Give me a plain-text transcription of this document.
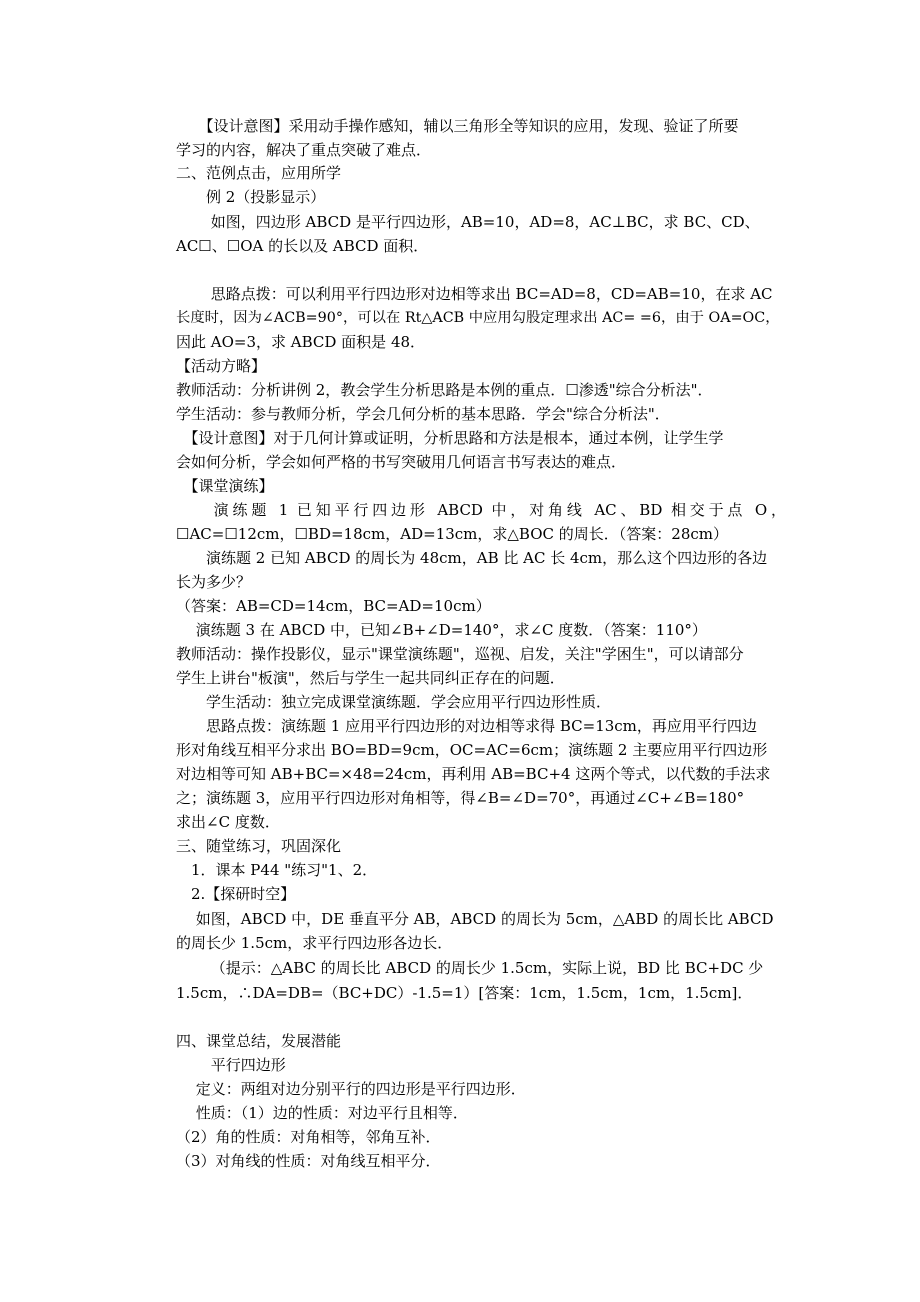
　　【设计意图】采用动手操作感知，辅以三角形全等知识的应用，发现、验证了所要
学习的内容，解决了重点突破了难点．
二、范例点击，应用所学
　　例 2（投影显示）
　　 如图，四边形 ABCD 是平行四边形，AB=10，AD=8，AC⊥BC，求 BC、CD、
AC☐、☐OA 的长以及 ABCD 面积．
　　 思路点拨：可以利用平行四边形对边相等求出 BC=AD=8，CD=AB=10，在求 AC
长度时，因为∠ACB=90°，可以在 Rt△ACB 中应用勾股定理求出 AC= =6，由于 OA=OC，
因此 AO=3，求 ABCD 面积是 48．
【活动方略】
教师活动：分析讲例 2，教会学生分析思路是本例的重点．☐渗透"综合分析法"．
学生活动：参与教师分析，学会几何分析的基本思路．学会"综合分析法"．
　【设计意图】对于几何计算或证明，分析思路和方法是根本，通过本例，让学生学
会如何分析，学会如何严格的书写突破用几何语言书写表达的难点．
　【课堂演练】
　　演练题 1 已知平行四边形 ABCD 中，对角线 AC、BD 相交于点 O，
☐AC=☐12cm，☐BD=18cm，AD=13cm，求△BOC 的周长．（答案：28cm）
　　演练题 2 已知 ABCD 的周长为 48cm，AB 比 AC 长 4cm，那么这个四边形的各边
长为多少？
（答案：AB=CD=14cm，BC=AD=10cm）
　 演练题 3 在 ABCD 中，已知∠B+∠D=140°，求∠C 度数．（答案：110°）
教师活动：操作投影仪，显示"课堂演练题"，巡视、启发，关注"学困生"，可以请部分
学生上讲台"板演"，然后与学生一起共同纠正存在的问题．
　　学生活动：独立完成课堂演练题．学会应用平行四边形性质．
　　思路点拨：演练题 1 应用平行四边形的对边相等求得 BC=13cm，再应用平行四边
形对角线互相平分求出 BO=BD=9cm，OC=AC=6cm；演练题 2 主要应用平行四边形
对边相等可知 AB+BC=×48=24cm，再利用 AB=BC+4 这两个等式，以代数的手法求
之；演练题 3，应用平行四边形对角相等，得∠B=∠D=70°，再通过∠C+∠B=180°
求出∠C 度数．
三、随堂练习，巩固深化
　1．课本 P44 "练习"1、2．
　2.【探研时空】
　 如图，ABCD 中，DE 垂直平分 AB，ABCD 的周长为 5cm，△ABD 的周长比 ABCD
的周长少 1.5cm，求平行四边形各边长．
　　 （提示：△ABC 的周长比 ABCD 的周长少 1.5cm，实际上说，BD 比 BC+DC 少
1.5cm，∴DA=DB=（BC+DC）-1.5=1）[答案：1cm，1.5cm，1cm，1.5cm]．
四、课堂总结，发展潜能
　　 平行四边形
　 定义：两组对边分别平行的四边形是平行四边形．
　 性质：（1）边的性质：对边平行且相等．
（2）角的性质：对角相等，邻角互补．
（3）对角线的性质：对角线互相平分．
